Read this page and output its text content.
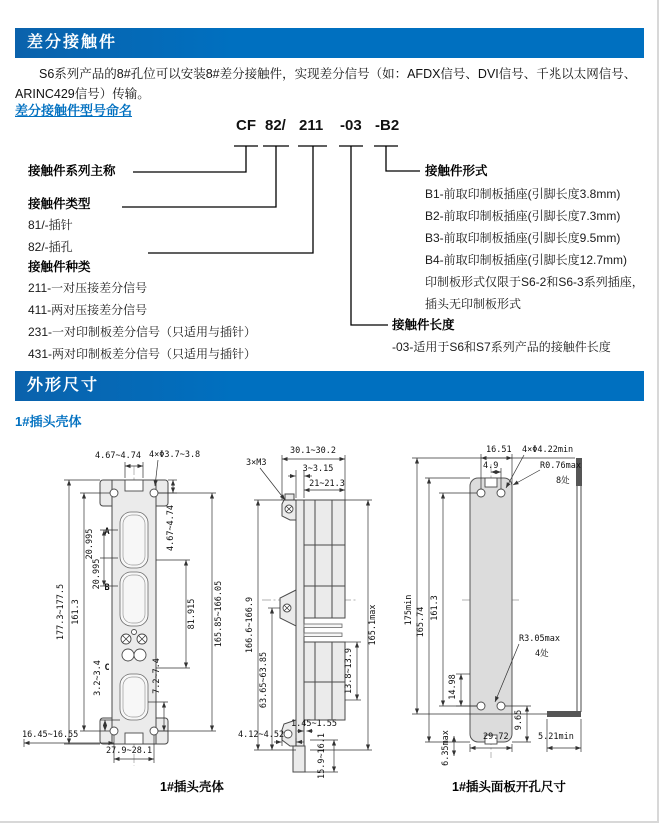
差分接触件
S6系列产品的8#孔位可以安装8#差分接触件，实现差分信号（如：AFDX信号、DVI信号、千兆以太网信号、
ARINC429信号）传输。
差分接触件型号命名
CF 82/ 211 -03 -B2
接触件系列主称
接触件类型
81/-插针
82/-插孔
接触件种类
211-一对压接差分信号
411-两对压接差分信号
231-一对印制板差分信号（只适用与插针）
431-两对印制板差分信号（只适用与插针）
接触件形式
B1-前取印制板插座(引脚长度3.8mm)
B2-前取印制板插座(引脚长度7.3mm)
B3-前取印制板插座(引脚长度9.5mm)
B4-前取印制板插座(引脚长度12.7mm)
印制板形式仅限于S6-2和S6-3系列插座，
插头无印制板形式
接触件长度
-03-适用于S6和S7系列产品的接触件长度
外形尺寸
1#插头壳体
A
B
C
4.67~4.74 4×Φ3.7~3.8
177.3~177.5 161.3
20.995
20.995
4.67~4.74
81.915 165.85~166.05
3.2~3.4	7.2~7.4
16.45~16.55
27.9~28.1
30.1~30.2
3~3.15
21~21.3
3×M3
166.6~166.9	165.1max
63.65~63.85	13.8~13.9
1.45~1.55
4.12~4.52	15.9~16.1
175min 165.74 161.3
16.51
4.9
4×Φ4.22min
R0.76max
8处
R3.05max
4处
14.98
9.65
6.35max	29.72	5.21min
1#插头壳体	1#插头面板开孔尺寸
